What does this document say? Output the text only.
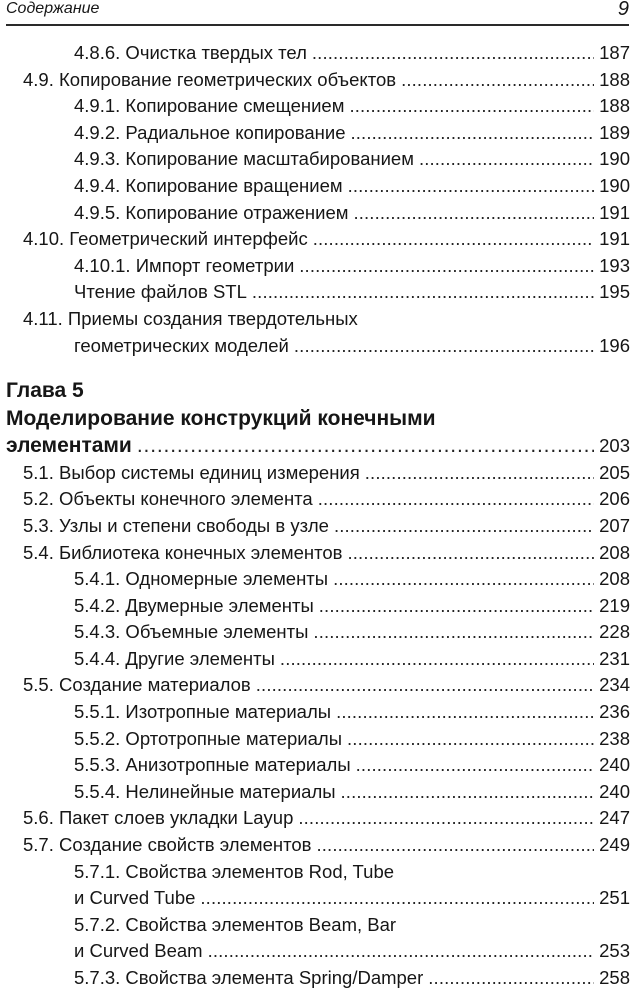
Содержание	9
4.8.6. Очистка твердых тел . . .	187
4.9. Копирование геометрических объектов . . .	188
4.9.1. Копирование смещением . . .	188
4.9.2. Радиальное копирование . . .	189
4.9.3. Копирование масштабированием . . .	190
4.9.4. Копирование вращением . . .	190
4.9.5. Копирование отражением . . .	191
4.10. Геометрический интерфейс . . .	191
4.10.1. Импорт геометрии . . .	193
Чтение файлов STL . . .	195
4.11. Приемы создания твердотельных
геометрических моделей . . .	196
Глава 5
Моделирование конструкций конечными
элементами . . .	203
5.1. Выбор системы единиц измерения . . .	205
5.2. Объекты конечного элемента . . .	206
5.3. Узлы и степени свободы в узле . . .	207
5.4. Библиотека конечных элементов . . .	208
5.4.1. Одномерные элементы . . .	208
5.4.2. Двумерные элементы . . .	219
5.4.3. Объемные элементы . . .	228
5.4.4. Другие элементы . . .	231
5.5. Создание материалов . . .	234
5.5.1. Изотропные материалы . . .	236
5.5.2. Ортотропные материалы . . .	238
5.5.3. Анизотропные материалы . . .	240
5.5.4. Нелинейные материалы . . .	240
5.6. Пакет слоев укладки Layup . . .	247
5.7. Создание свойств элементов . . .	249
5.7.1. Свойства элементов Rod, Tube
и Curved Tube . . .	251
5.7.2. Свойства элементов Beam, Bar
и Curved Beam . . .	253
5.7.3. Свойства элемента Spring/Damper . . .	258
